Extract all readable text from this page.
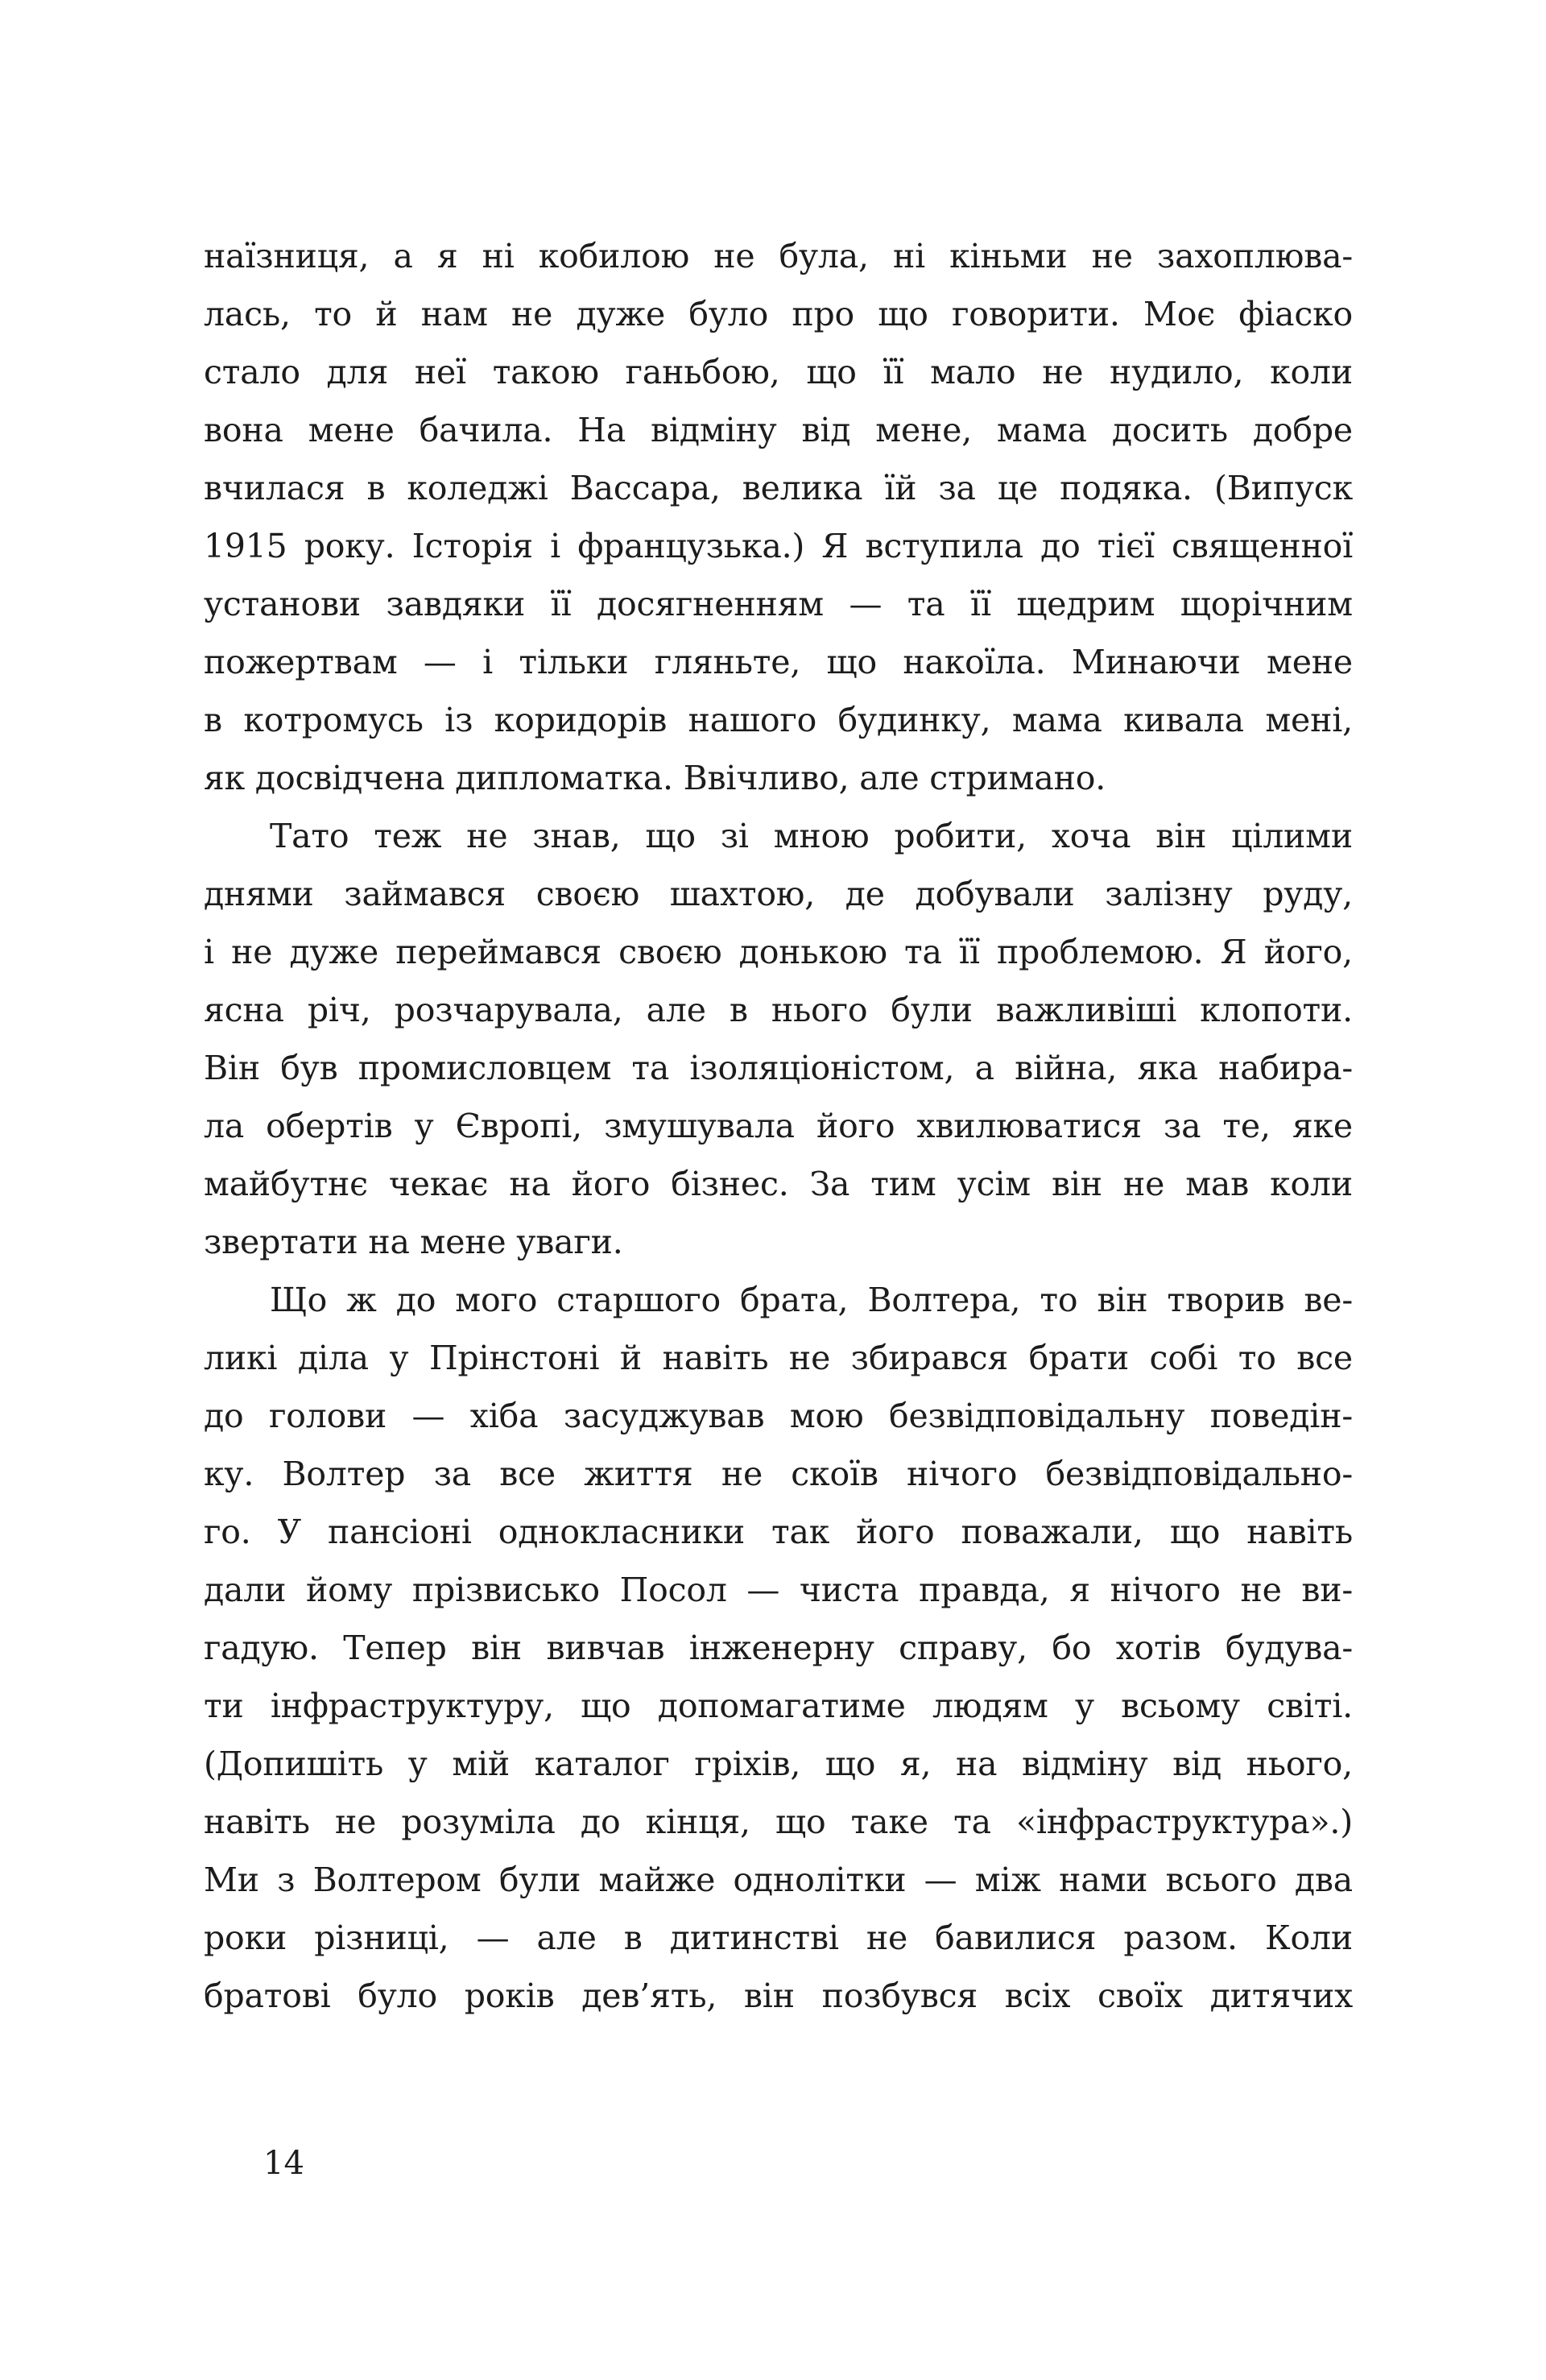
наїзниця, а я ні кобилою не була, ні кіньми не захоплюва-
лась, то й нам не дуже було про що говорити. Моє фіаско
стало для неї такою ганьбою, що її мало не нудило, коли
вона мене бачила. На відміну від мене, мама досить добре
вчилася в коледжі Вассара, велика їй за це подяка. (Випуск
1915 року. Історія і французька.) Я вступила до тієї священної
установи завдяки її досягненням — та її щедрим щорічним
пожертвам — і тільки гляньте, що накоїла. Минаючи мене
в котромусь із коридорів нашого будинку, мама кивала мені,
як досвідчена дипломатка. Ввічливо, але стримано.
Тато теж не знав, що зі мною робити, хоча він цілими
днями займався своєю шахтою, де добували залізну руду,
і не дуже переймався своєю донькою та її проблемою. Я його,
ясна річ, розчарувала, але в нього були важливіші клопоти.
Він був промисловцем та ізоляціоністом, а війна, яка набира-
ла обертів у Європі, змушувала його хвилюватися за те, яке
майбутнє чекає на його бізнес. За тим усім він не мав коли
звертати на мене уваги.
Що ж до мого старшого брата, Волтера, то він творив ве-
ликі діла у Прінстоні й навіть не збирався брати собі то все
до голови — хіба засуджував мою безвідповідальну поведін-
ку. Волтер за все життя не скоїв нічого безвідповідально-
го. У пансіоні однокласники так його поважали, що навіть
дали йому прізвисько Посол — чиста правда, я нічого не ви-
гадую. Тепер він вивчав інженерну справу, бо хотів будува-
ти інфраструктуру, що допомагатиме людям у всьому світі.
(Допишіть у мій каталог гріхів, що я, на відміну від нього,
навіть не розуміла до кінця, що таке та «інфраструктура».)
Ми з Волтером були майже однолітки — між нами всього два
роки різниці, — але в дитинстві не бавилися разом. Коли
братові було років дев’ять, він позбувся всіх своїх дитячих
14
